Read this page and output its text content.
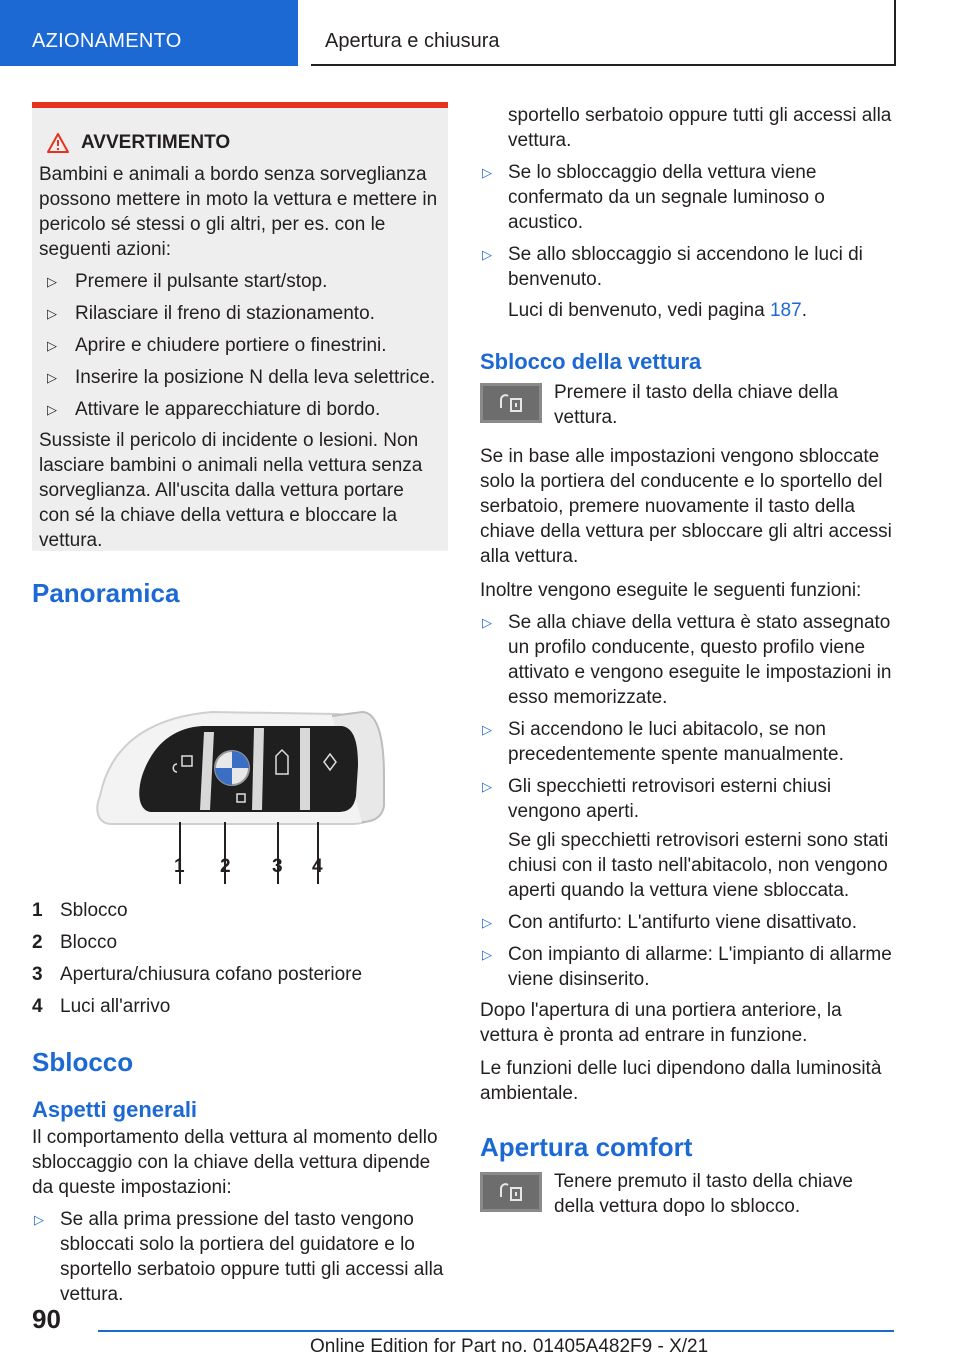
AZIONAMENTO	Apertura e chiusura
AVVERTIMENTO

Bambini e animali a bordo senza sorveglianza possono mettere in moto la vettura e mettere in pericolo sé stessi o gli altri, per es. con le seguenti azioni:

▷ Premere il pulsante start/stop.
▷ Rilasciare il freno di stazionamento.
▷ Aprire e chiudere portiere o finestrini.
▷ Inserire la posizione N della leva selettrice.
▷ Attivare le apparecchiature di bordo.

Sussiste il pericolo di incidente o lesioni. Non lasciare bambini o animali nella vettura senza sorveglianza. All'uscita dalla vettura portare con sé la chiave della vettura e bloccare la vettura.

Panoramica
1 2 3 4
1 Sblocco
2 Blocco
3 Apertura/chiusura cofano posteriore
4 Luci all'arrivo
Sblocco
Aspetti generali

Il comportamento della vettura al momento dello sbloccaggio con la chiave della vettura dipende da queste impostazioni:

▷ Se alla prima pressione del tasto vengono sbloccati solo la portiera del guidatore e lo sportello serbatoio oppure tutti gli accessi alla vettura.

sportello serbatoio oppure tutti gli accessi alla vettura.

▷ Se lo sbloccaggio della vettura viene confermato da un segnale luminoso o acustico.
▷ Se allo sbloccaggio si accendono le luci di benvenuto.

Luci di benvenuto, vedi pagina 187.

Sblocco della vettura

Premere il tasto della chiave della vettura.

Se in base alle impostazioni vengono sbloccate solo la portiera del conducente e lo sportello del serbatoio, premere nuovamente il tasto della chiave della vettura per sbloccare gli altri accessi alla vettura.

Inoltre vengono eseguite le seguenti funzioni:

▷ Se alla chiave della vettura è stato assegnato un profilo conducente, questo profilo viene attivato e vengono eseguite le impostazioni in esso memorizzate.
▷ Si accendono le luci abitacolo, se non precedentemente spente manualmente.
▷ Gli specchietti retrovisori esterni chiusi vengono aperti.

Se gli specchietti retrovisori esterni sono stati chiusi con il tasto nell'abitacolo, non vengono aperti quando la vettura viene sbloccata.

▷ Con antifurto: L'antifurto viene disattivato.
▷ Con impianto di allarme: L'impianto di allarme viene disinserito.

Dopo l'apertura di una portiera anteriore, la vettura è pronta ad entrare in funzione.

Le funzioni delle luci dipendono dalla luminosità ambientale.

Apertura comfort

Tenere premuto il tasto della chiave della vettura dopo lo sblocco.

90
Online Edition for Part no. 01405A482F9 - X/21
